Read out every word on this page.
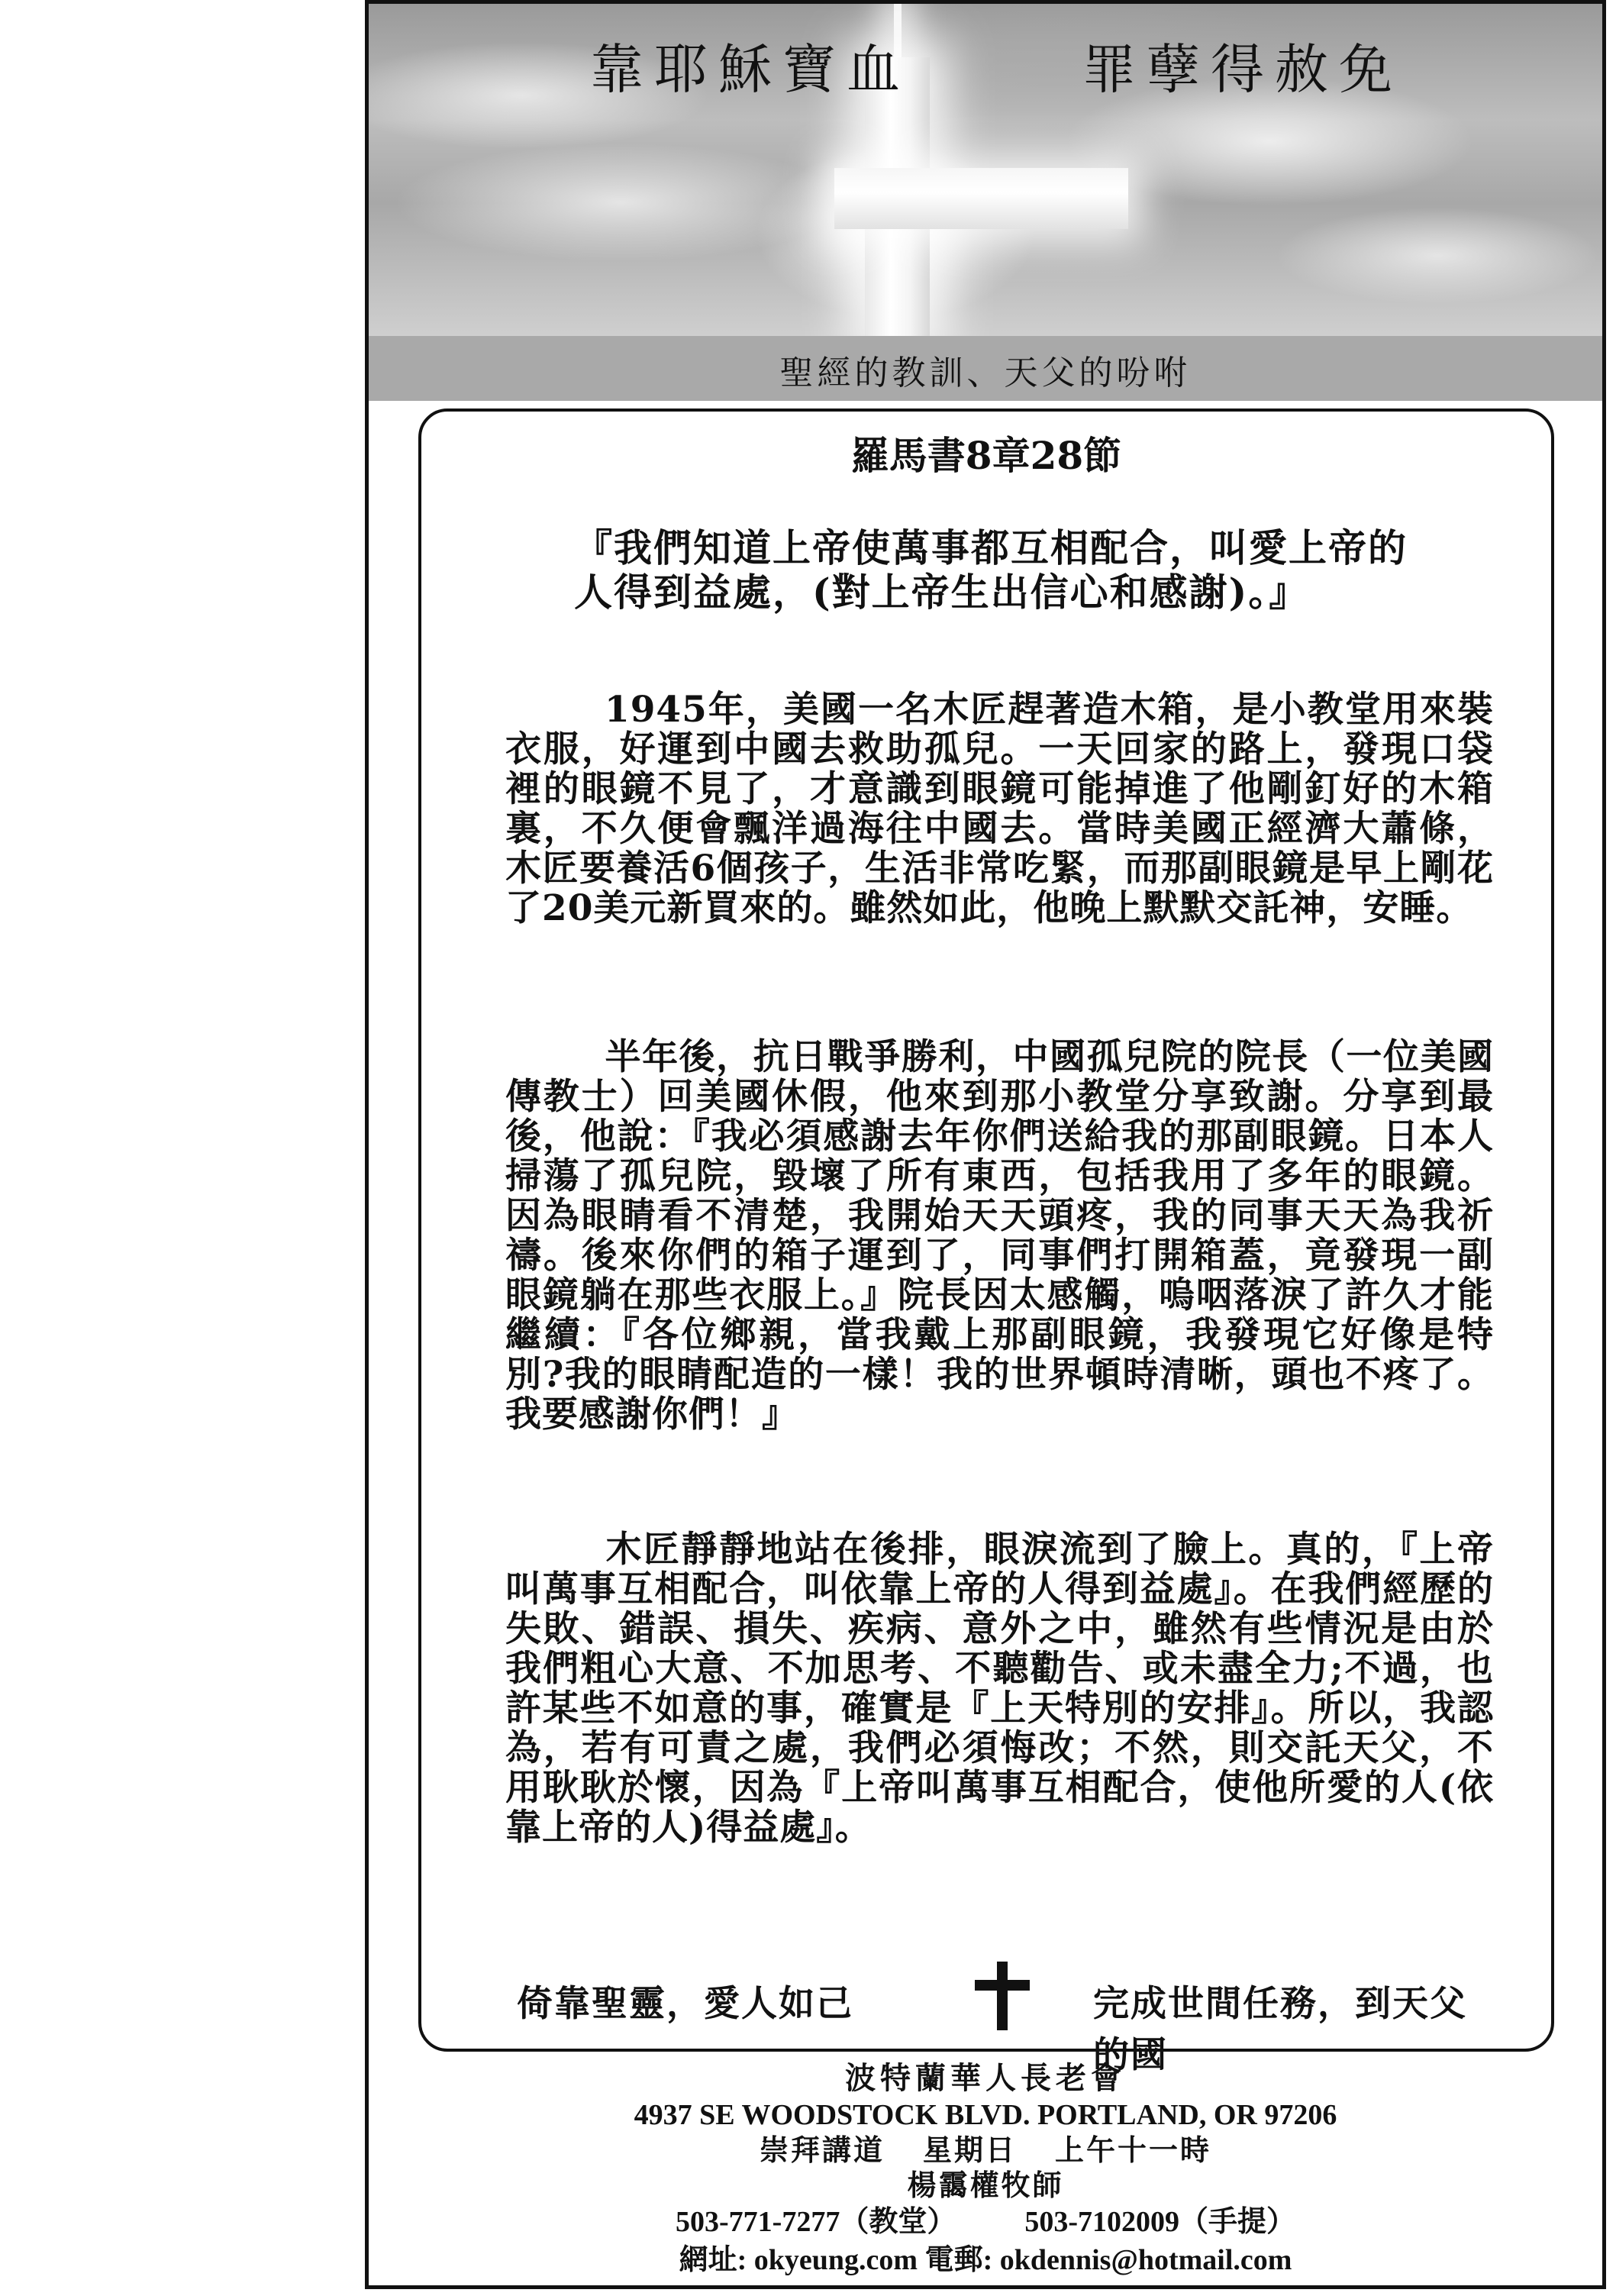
靠耶穌寶血	罪孽得赦免
聖經的教訓、天父的吩咐
羅馬書8章28節
『我們知道上帝使萬事都互相配合，叫愛上帝的人得到益處，(對上帝生出信心和感謝)。』
1945年，美國一名木匠趕著造木箱，是小教堂用來裝衣服，好運到中國去救助孤兒。一天回家的路上，發現口袋裡的眼鏡不見了，才意識到眼鏡可能掉進了他剛釘好的木箱裏，不久便會飄洋過海往中國去。當時美國正經濟大蕭條，木匠要養活6個孩子，生活非常吃緊，而那副眼鏡是早上剛花了20美元新買來的。雖然如此，他晚上默默交託神，安睡。
半年後，抗日戰爭勝利，中國孤兒院的院長（一位美國傳教士）回美國休假，他來到那小教堂分享致謝。分享到最後，他說：『我必須感謝去年你們送給我的那副眼鏡。日本人掃蕩了孤兒院，毀壞了所有東西，包括我用了多年的眼鏡。因為眼睛看不清楚，我開始天天頭疼，我的同事天天為我祈禱。後來你們的箱子運到了，同事們打開箱蓋，竟發現一副眼鏡躺在那些衣服上。』院長因太感觸，嗚咽落淚了許久才能繼續：『各位鄉親，當我戴上那副眼鏡，我發現它好像是特別?我的眼睛配造的一樣！我的世界頓時清晰，頭也不疼了。我要感謝你們！』
木匠靜靜地站在後排，眼淚流到了臉上。真的，『上帝叫萬事互相配合，叫依靠上帝的人得到益處』。在我們經歷的失敗、錯誤、損失、疾病、意外之中，雖然有些情況是由於我們粗心大意、不加思考、不聽勸告、或未盡全力;不過，也許某些不如意的事，確實是『上天特別的安排』。所以，我認為，若有可責之處，我們必須悔改；不然，則交託天父，不用耿耿於懷，因為『上帝叫萬事互相配合，使他所愛的人(依靠上帝的人)得益處』。
倚靠聖靈，愛人如己	完成世間任務，到天父的國
波特蘭華人長老會
4937 SE WOODSTOCK BLVD. PORTLAND, OR 97206
崇拜講道 星期日 上午十一時
楊靄權牧師
503-771-7277（教堂） 503-7102009（手提）
網址: okyeung.com 電郵: okdennis@hotmail.com
